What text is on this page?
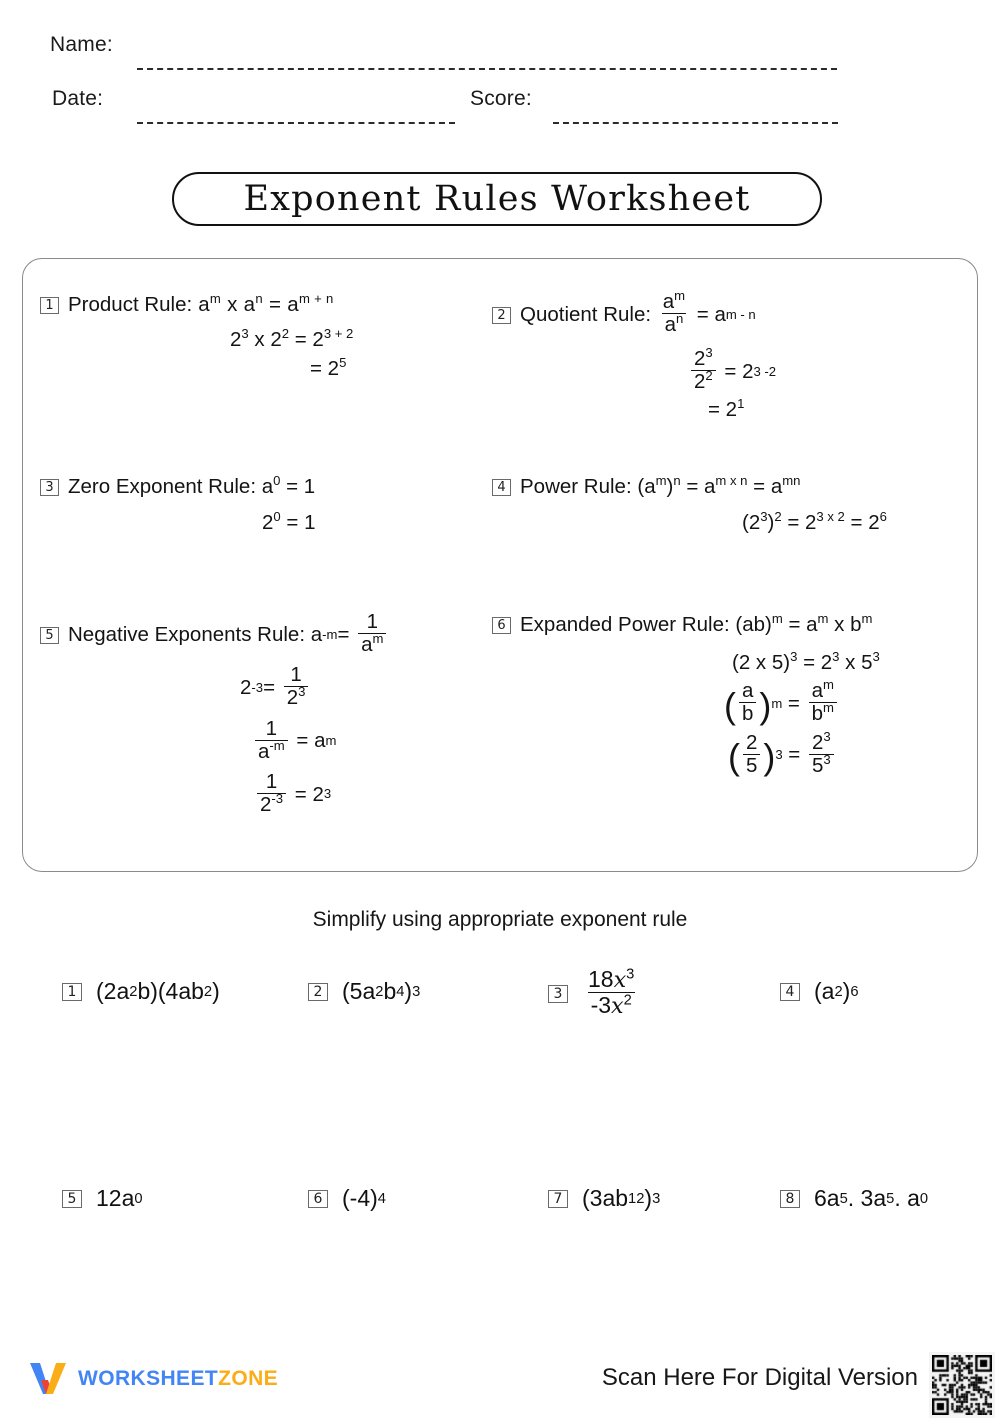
Name:
Date:	Score:
Exponent Rules Worksheet
1 Product Rule: $a^m$ x $a^n = a^{m + n}$
$2^3$ x $2^2 = 2^{3 + 2}$
= $2^5$
2 Quotient Rule:
$\frac{a^m}{a^n} = a$ m - n
$\frac{2^3}{2^2} = 2$ 3 -2
= $2^1$
3 Zero Exponent Rule: $a^0 = 1$
$2^0 = 1$
4 Power Rule: $(a^m)^n = a^{m x n} = a^{mn}$
$(2^3)^2 = 2^{3 x 2} = 2^6$
5 Negative Exponents Rule: a $-m = \frac{1}{a^m}$
2 $-3 = \frac{1}{2^3}$
$\frac{1}{a^{-m}} = a$ m
$\frac{1}{2^{-3}} = 2$ 3
6 Expanded Power Rule: $(ab)^m = a^m$ x $b^m$
(2 x $5)^3 = 2^3$ x $5^3$
( $\frac{a}{b}$ ) $m = \frac{a^m}{b^m}$
( $\frac{2}{5}$ ) $3 = \frac{2^3}{5^3}$
Simplify using appropriate exponent rule
1 (2a 2 b)(4ab 2 )	2 (5a 2 b 4 ) 3	$3 \frac{18x^3}{-3x^2}$	4 (a 2 ) 6
5 12a 0	6 (-4) 4	7 (3ab 12 ) 3	8 6a 5 . 3a 5 . a 0
WORKSHEETZONE	Scan Here For Digital Version
